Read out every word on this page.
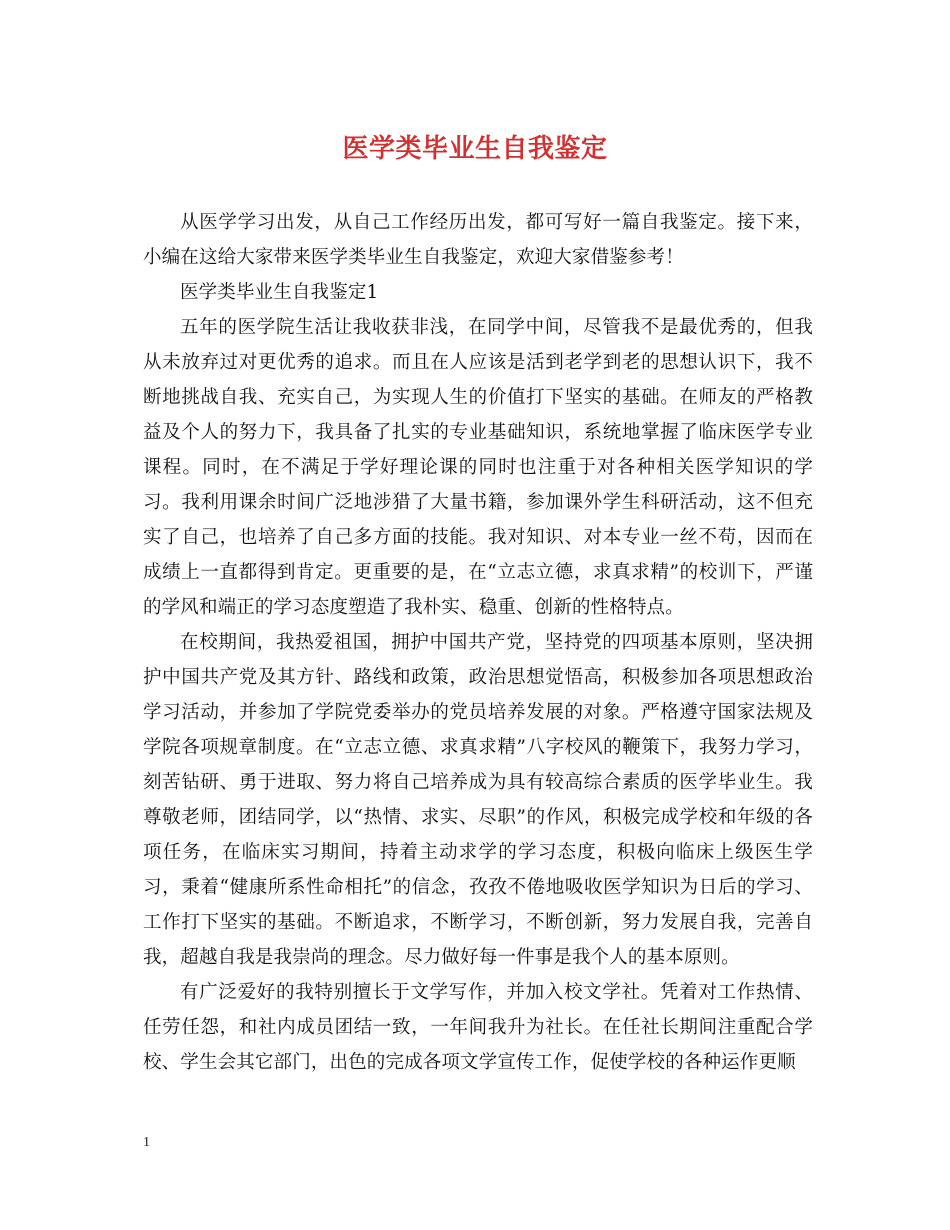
医学类毕业生自我鉴定

从医学学习出发，从自己工作经历出发，都可写好一篇自我鉴定。接下来，小编在这给大家带来医学类毕业生自我鉴定，欢迎大家借鉴参考！

医学类毕业生自我鉴定1

五年的医学院生活让我收获非浅，在同学中间，尽管我不是最优秀的，但我从未放弃过对更优秀的追求。而且在人应该是活到老学到老的思想认识下，我不断地挑战自我、充实自己，为实现人生的价值打下坚实的基础。在师友的严格教益及个人的努力下，我具备了扎实的专业基础知识，系统地掌握了临床医学专业课程。同时，在不满足于学好理论课的同时也注重于对各种相关医学知识的学习。我利用课余时间广泛地涉猎了大量书籍，参加课外学生科研活动，这不但充实了自己，也培养了自己多方面的技能。我对知识、对本专业一丝不苟，因而在成绩上一直都得到肯定。更重要的是，在“立志立德，求真求精”的校训下，严谨的学风和端正的学习态度塑造了我朴实、稳重、创新的性格特点。

在校期间，我热爱祖国，拥护中国共产党，坚持党的四项基本原则，坚决拥护中国共产党及其方针、路线和政策，政治思想觉悟高，积极参加各项思想政治学习活动，并参加了学院党委举办的党员培养发展的对象。严格遵守国家法规及学院各项规章制度。在“立志立德、求真求精”八字校风的鞭策下，我努力学习，刻苦钻研、勇于进取、努力将自己培养成为具有较高综合素质的医学毕业生。我尊敬老师，团结同学，以“热情、求实、尽职”的作风，积极完成学校和年级的各项任务，在临床实习期间，持着主动求学的学习态度，积极向临床上级医生学习，秉着“健康所系性命相托”的信念，孜孜不倦地吸收医学知识为日后的学习、工作打下坚实的基础。不断追求，不断学习，不断创新，努力发展自我，完善自我，超越自我是我崇尚的理念。尽力做好每一件事是我个人的基本原则。

有广泛爱好的我特别擅长于文学写作，并加入校文学社。凭着对工作热情、任劳任怨，和社内成员团结一致，一年间我升为社长。在任社长期间注重配合学校、学生会其它部门，出色的完成各项文学宣传工作，促使学校的各种运作更顺

1
